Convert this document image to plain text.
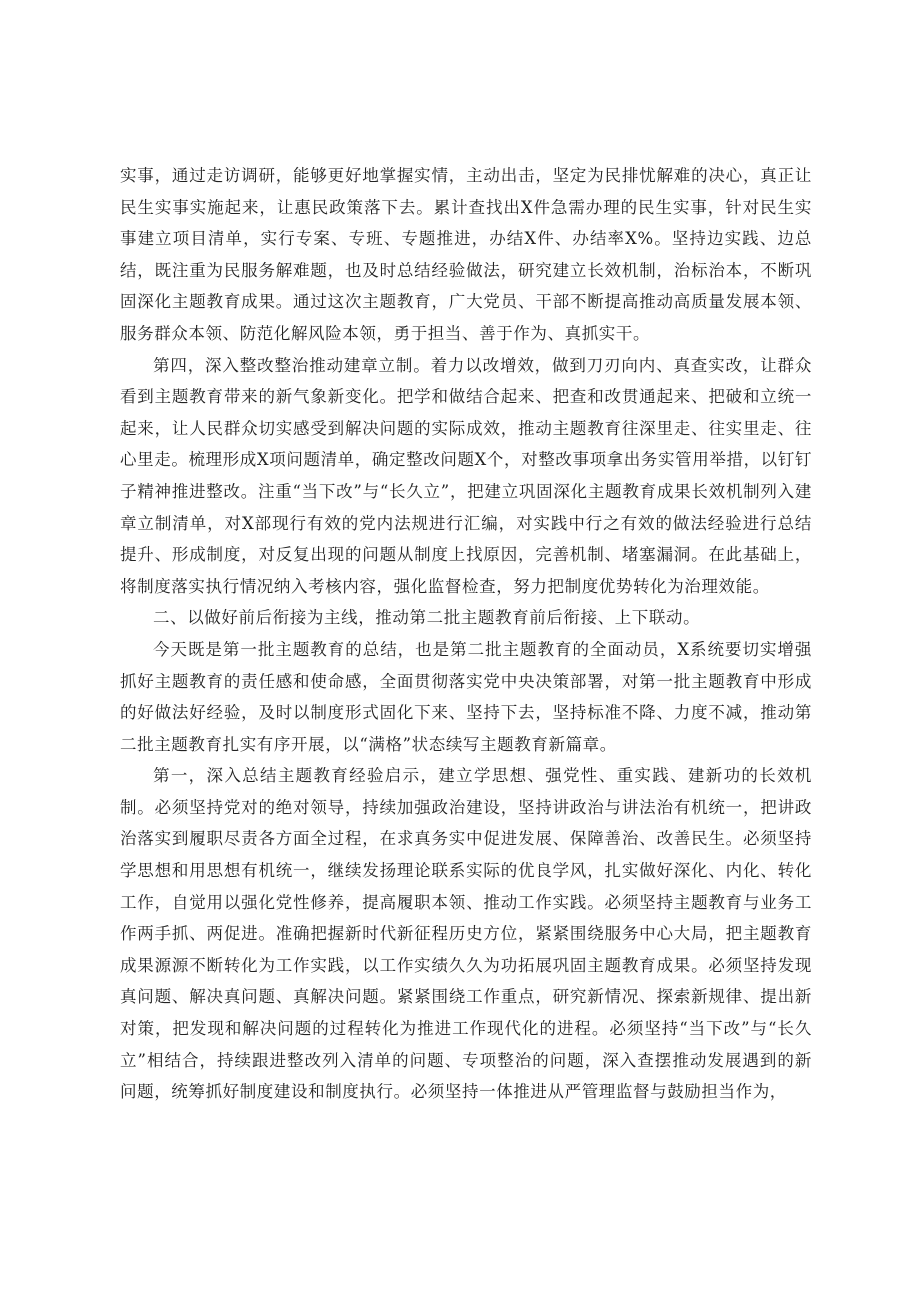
实事，通过走访调研，能够更好地掌握实情，主动出击，坚定为民排忧解难的决心，真正让民生实事实施起来，让惠民政策落下去。累计查找出X件急需办理的民生实事，针对民生实事建立项目清单，实行专案、专班、专题推进，办结X件、办结率X%。坚持边实践、边总结，既注重为民服务解难题，也及时总结经验做法，研究建立长效机制，治标治本，不断巩固深化主题教育成果。通过这次主题教育，广大党员、干部不断提高推动高质量发展本领、服务群众本领、防范化解风险本领，勇于担当、善于作为、真抓实干。

第四，深入整改整治推动建章立制。着力以改增效，做到刀刃向内、真查实改，让群众看到主题教育带来的新气象新变化。把学和做结合起来、把查和改贯通起来、把破和立统一起来，让人民群众切实感受到解决问题的实际成效，推动主题教育往深里走、往实里走、往心里走。梳理形成X项问题清单，确定整改问题X个，对整改事项拿出务实管用举措，以钉钉子精神推进整改。注重“当下改”与“长久立”，把建立巩固深化主题教育成果长效机制列入建章立制清单，对X部现行有效的党内法规进行汇编，对实践中行之有效的做法经验进行总结提升、形成制度，对反复出现的问题从制度上找原因，完善机制、堵塞漏洞。在此基础上，将制度落实执行情况纳入考核内容，强化监督检查，努力把制度优势转化为治理效能。

二、以做好前后衔接为主线，推动第二批主题教育前后衔接、上下联动。

今天既是第一批主题教育的总结，也是第二批主题教育的全面动员，X系统要切实增强抓好主题教育的责任感和使命感，全面贯彻落实党中央决策部署，对第一批主题教育中形成的好做法好经验，及时以制度形式固化下来、坚持下去，坚持标准不降、力度不减，推动第二批主题教育扎实有序开展，以“满格”状态续写主题教育新篇章。

第一，深入总结主题教育经验启示，建立学思想、强党性、重实践、建新功的长效机制。必须坚持党对的绝对领导，持续加强政治建设，坚持讲政治与讲法治有机统一，把讲政治落实到履职尽责各方面全过程，在求真务实中促进发展、保障善治、改善民生。必须坚持学思想和用思想有机统一，继续发扬理论联系实际的优良学风，扎实做好深化、内化、转化工作，自觉用以强化党性修养，提高履职本领、推动工作实践。必须坚持主题教育与业务工作两手抓、两促进。准确把握新时代新征程历史方位，紧紧围绕服务中心大局，把主题教育成果源源不断转化为工作实践，以工作实绩久久为功拓展巩固主题教育成果。必须坚持发现真问题、解决真问题、真解决问题。紧紧围绕工作重点，研究新情况、探索新规律、提出新对策，把发现和解决问题的过程转化为推进工作现代化的进程。必须坚持“当下改”与“长久立”相结合，持续跟进整改列入清单的问题、专项整治的问题，深入查摆推动发展遇到的新问题，统筹抓好制度建设和制度执行。必须坚持一体推进从严管理监督与鼓励担当作为，
